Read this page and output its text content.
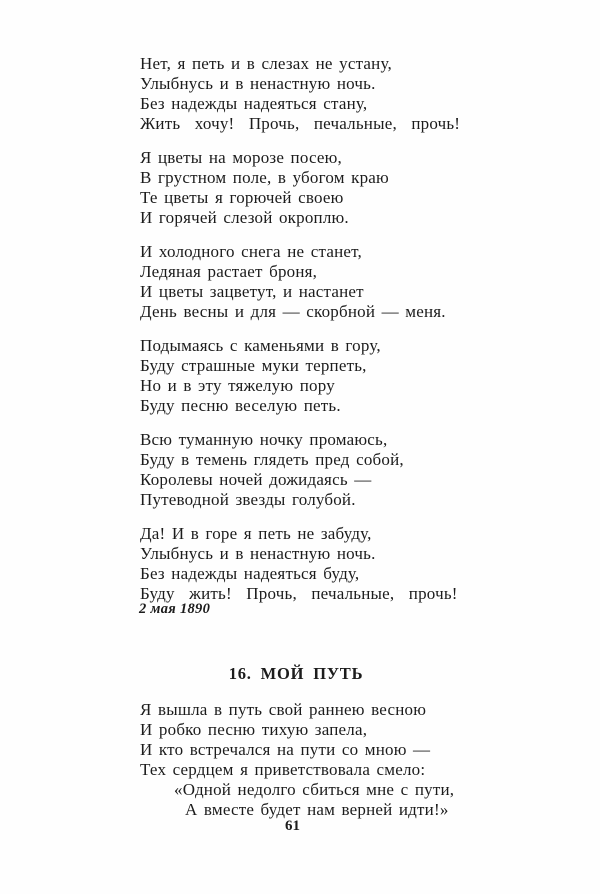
Нет, я петь и в слезах не устану,
Улыбнусь и в ненастную ночь.
Без надежды надеяться стану,
Жить хочу! Прочь, печальные, прочь!
Я цветы на морозе посею,
В грустном поле, в убогом краю
Те цветы я горючей своею
И горячей слезой окроплю.
И холодного снега не станет,
Ледяная растает броня,
И цветы зацветут, и настанет
День весны и для — скорбной — меня.
Подымаясь с каменьями в гору,
Буду страшные муки терпеть,
Но и в эту тяжелую пору
Буду песню веселую петь.
Всю туманную ночку промаюсь,
Буду в темень глядеть пред собой,
Королевы ночей дожидаясь —
Путеводной звезды голубой.
Да! И в горе я петь не забуду,
Улыбнусь и в ненастную ночь.
Без надежды надеяться буду,
Буду жить! Прочь, печальные, прочь!
2 мая 1890
16. МОЙ ПУТЬ
Я вышла в путь свой раннею весною
И робко песню тихую запела,
И кто встречался на пути со мною —
Тех сердцем я приветствовала смело:
«Одной недолго сбиться мне с пути,
А вместе будет нам верней идти!»
61
